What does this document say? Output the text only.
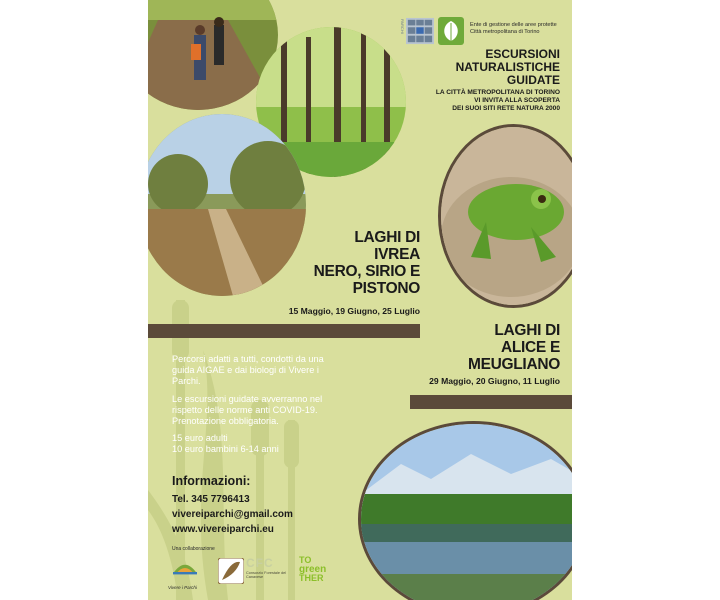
PARCHI	Ente di gestione delle aree protette
Città metropolitana di Torino
ESCURSIONI
NATURALISTICHE
GUIDATE
LA CITTÀ METROPOLITANA DI TORINO
VI INVITA ALLA SCOPERTA
DEI SUOI SITI RETE NATURA 2000
LAGHI DI
IVREA
NERO, SIRIO E
PISTONO
15 Maggio, 19 Giugno, 25 Luglio
LAGHI DI
ALICE E
MEUGLIANO
29 Maggio, 20 Giugno, 11 Luglio

Percorsi adatti a tutti, condotti da una
guida AIGAE e dai biologi di Vivere i
Parchi.

Le escursioni guidate avverranno nel
rispetto delle norme anti COVID-19.
Prenotazione obbligatoria.

15 euro adulti
10 euro bambini 6-14 anni

Informazioni:
Tel. 345 7796413
vivereiparchi@gmail.com
www.vivereiparchi.eu
Una collaborazione
Vivere i Parchi
CFC
Consorzio Forestale del Canavese
TO
green
THER
